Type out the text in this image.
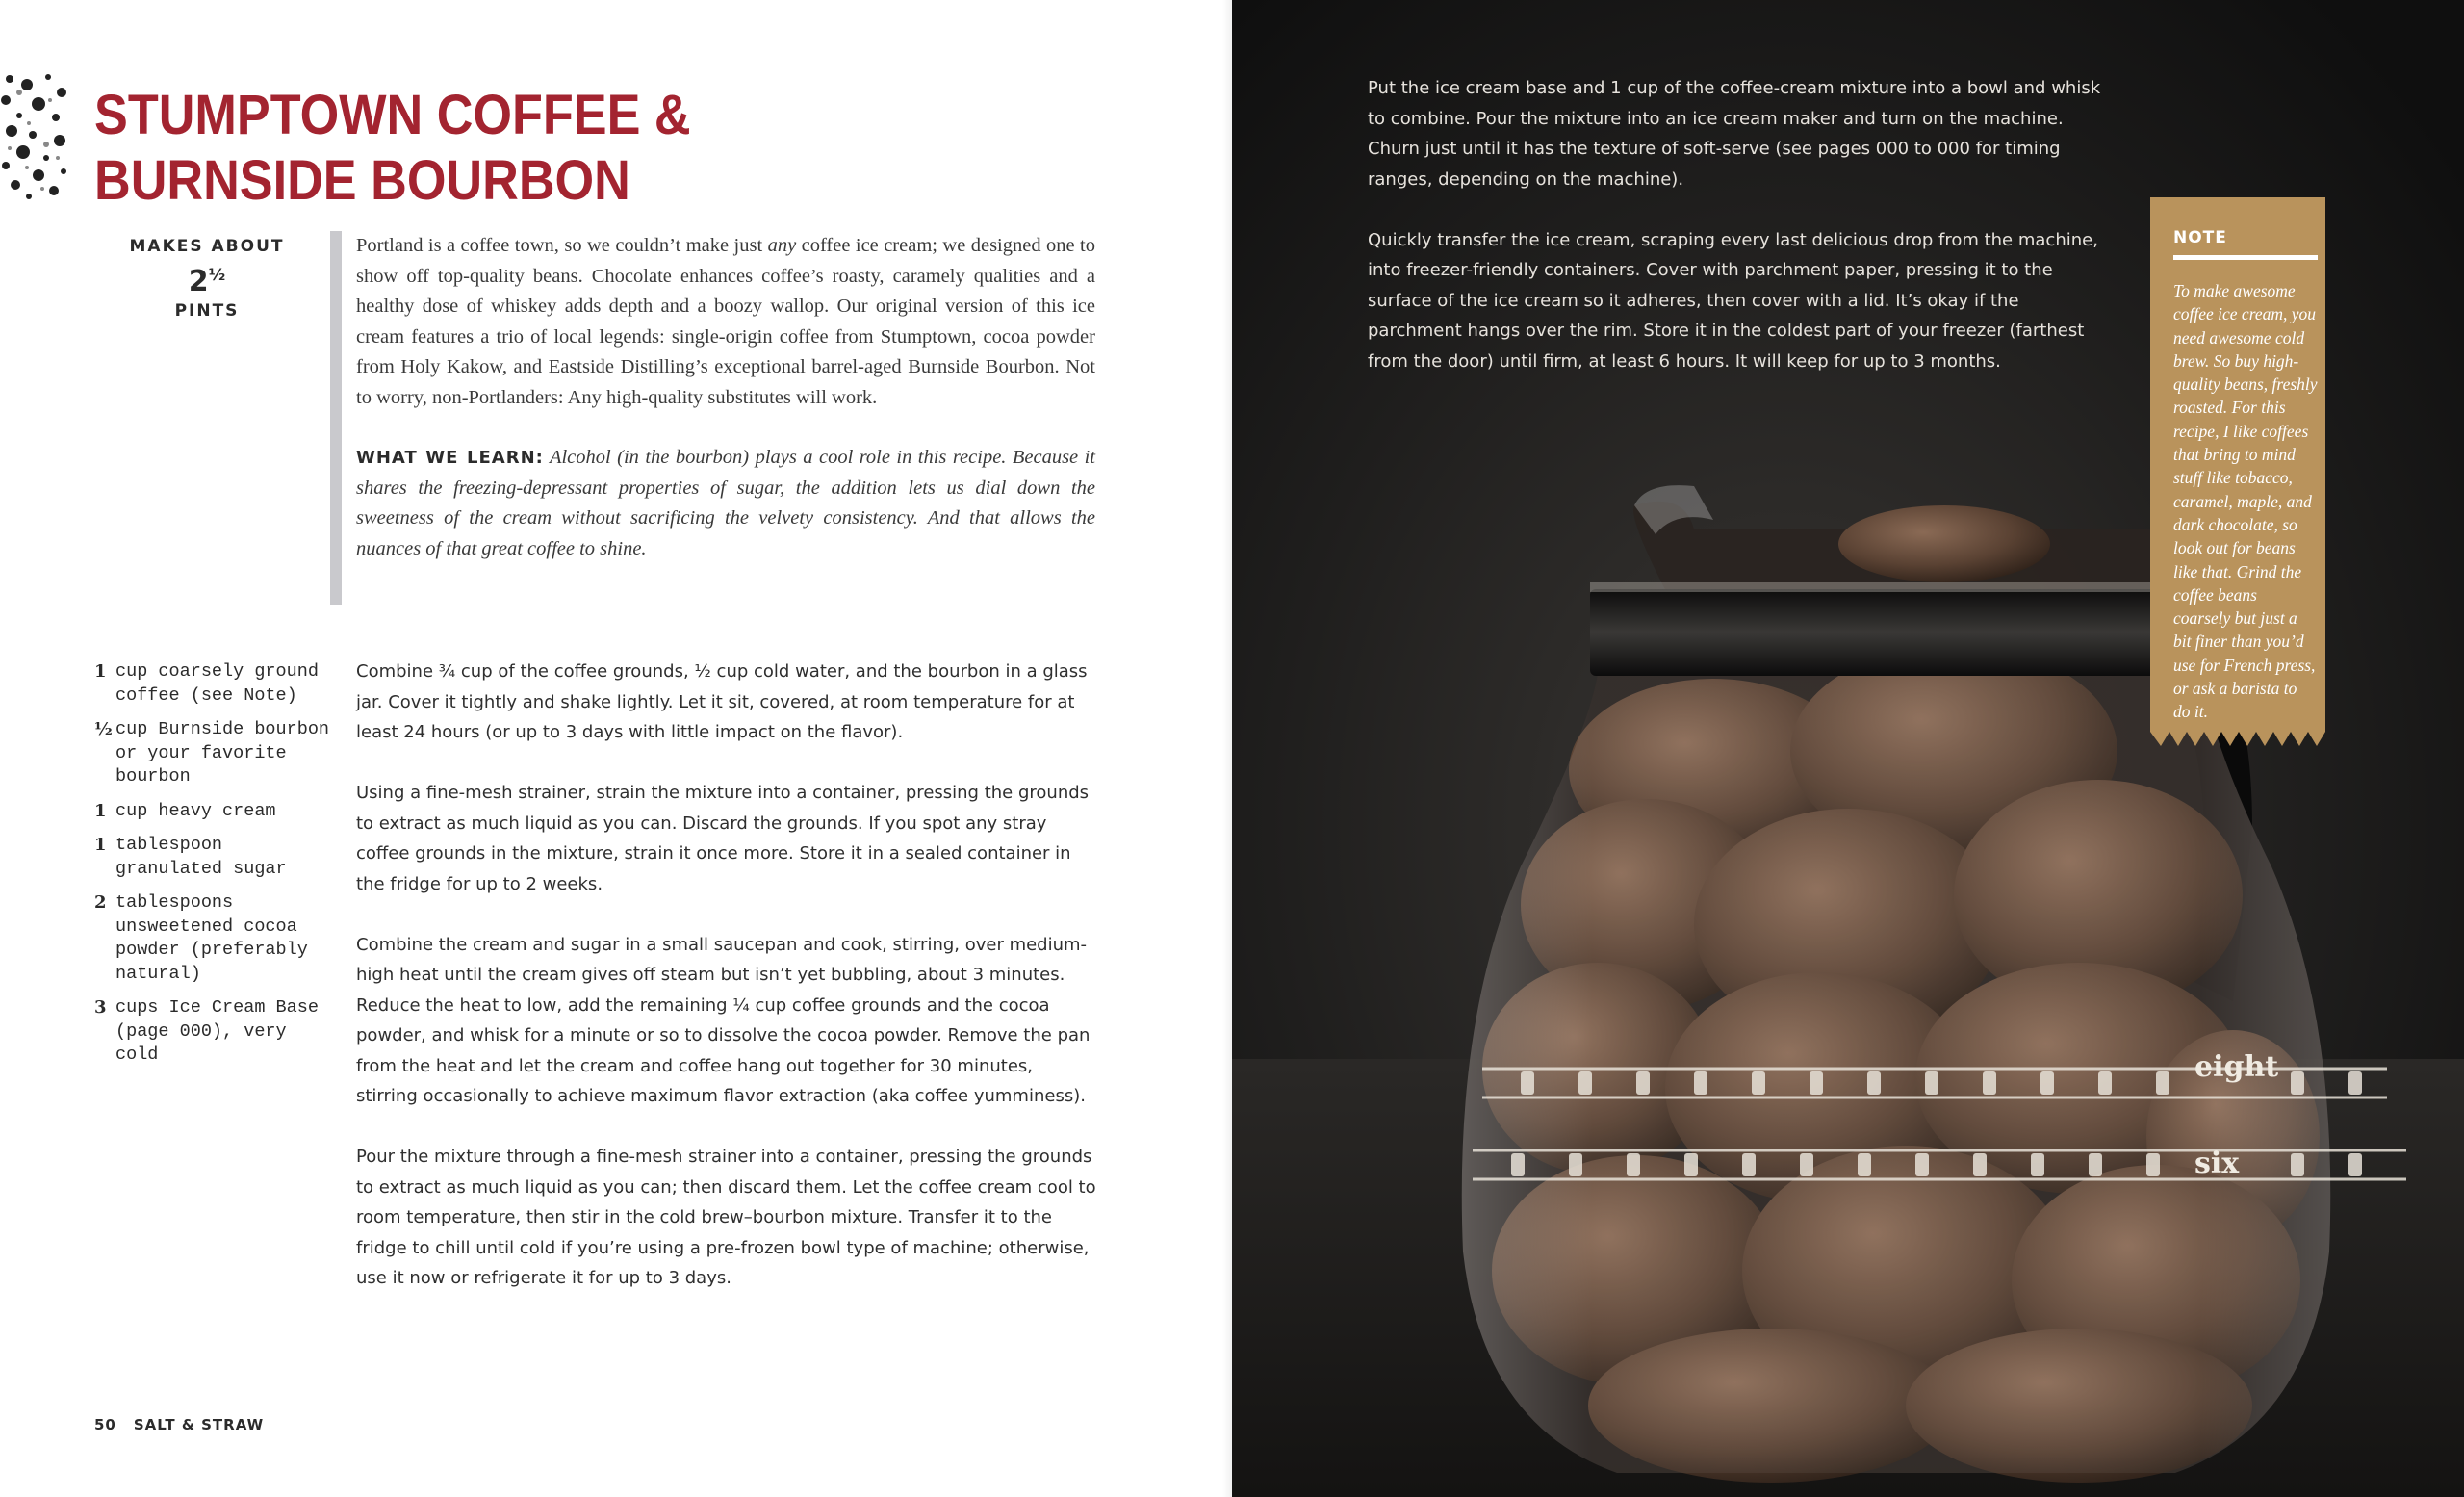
STUMPTOWN COFFEE &
BURNSIDE BOURBON
MAKES ABOUT
$2^{\frac{1}{2}}$
PINTS

Portland is a coffee town, so we couldn’t make just any coffee ice cream; we designed one to show off top-quality beans. Chocolate enhances coffee’s roasty, caramely qualities and a healthy dose of whiskey adds depth and a boozy wallop. Our original version of this ice cream features a trio of local legends: single-origin coffee from Stumptown, cocoa powder from Holy Kakow, and Eastside Distilling’s exceptional barrel-aged Burnside Bourbon. Not to worry, non-Portlanders: Any high-quality substitutes will work.

WHAT WE LEARN: Alcohol (in the bourbon) plays a cool role in this recipe. Because it shares the freezing-depressant properties of sugar, the addition lets us dial down the sweetness of the cream without sacrificing the velvety consistency. And that allows the nuances of that great coffee to shine.

1 cup coarsely ground coffee (see Note)
½ cup Burnside bourbon or your favorite bourbon
1 cup heavy cream
1 tablespoon granulated sugar
2 tablespoons unsweetened cocoa powder (preferably natural)
3 cups Ice Cream Base (page 000), very cold

Combine ¾ cup of the coffee grounds, ½ cup cold water, and the bourbon in a glass jar. Cover it tightly and shake lightly. Let it sit, covered, at room temperature for at least 24 hours (or up to 3 days with little impact on the flavor).

Using a fine-mesh strainer, strain the mixture into a container, pressing the grounds to extract as much liquid as you can. Discard the grounds. If you spot any stray coffee grounds in the mixture, strain it once more. Store it in a sealed container in the fridge for up to 2 weeks.

Combine the cream and sugar in a small saucepan and cook, stirring, over medium-high heat until the cream gives off steam but isn’t yet bubbling, about 3 minutes. Reduce the heat to low, add the remaining ¼ cup coffee grounds and the cocoa powder, and whisk for a minute or so to dissolve the cocoa powder. Remove the pan from the heat and let the cream and coffee hang out together for 30 minutes, stirring occasionally to achieve maximum flavor extraction (aka coffee yumminess).

Pour the mixture through a fine-mesh strainer into a container, pressing the grounds to extract as much liquid as you can; then discard them. Let the coffee cream cool to room temperature, then stir in the cold brew–bourbon mixture. Transfer it to the fridge to chill until cold if you’re using a pre-frozen bowl type of machine; otherwise, use it now or refrigerate it for up to 3 days.

50 SALT & STRAW
eight
six

Put the ice cream base and 1 cup of the coffee-cream mixture into a bowl and whisk to combine. Pour the mixture into an ice cream maker and turn on the machine. Churn just until it has the texture of soft-serve (see pages 000 to 000 for timing ranges, depending on the machine).

Quickly transfer the ice cream, scraping every last delicious drop from the machine, into freezer-friendly containers. Cover with parchment paper, pressing it to the surface of the ice cream so it adheres, then cover with a lid. It’s okay if the parchment hangs over the rim. Store it in the coldest part of your freezer (farthest from the door) until firm, at least 6 hours. It will keep for up to 3 months.

NOTE
To make awesome coffee ice cream, you need awesome cold brew. So buy high-quality beans, freshly roasted. For this recipe, I like coffees that bring to mind stuff like tobacco, caramel, maple, and dark chocolate, so look out for beans like that. Grind the coffee beans coarsely but just a bit finer than you’d use for French press, or ask a barista to do it.
